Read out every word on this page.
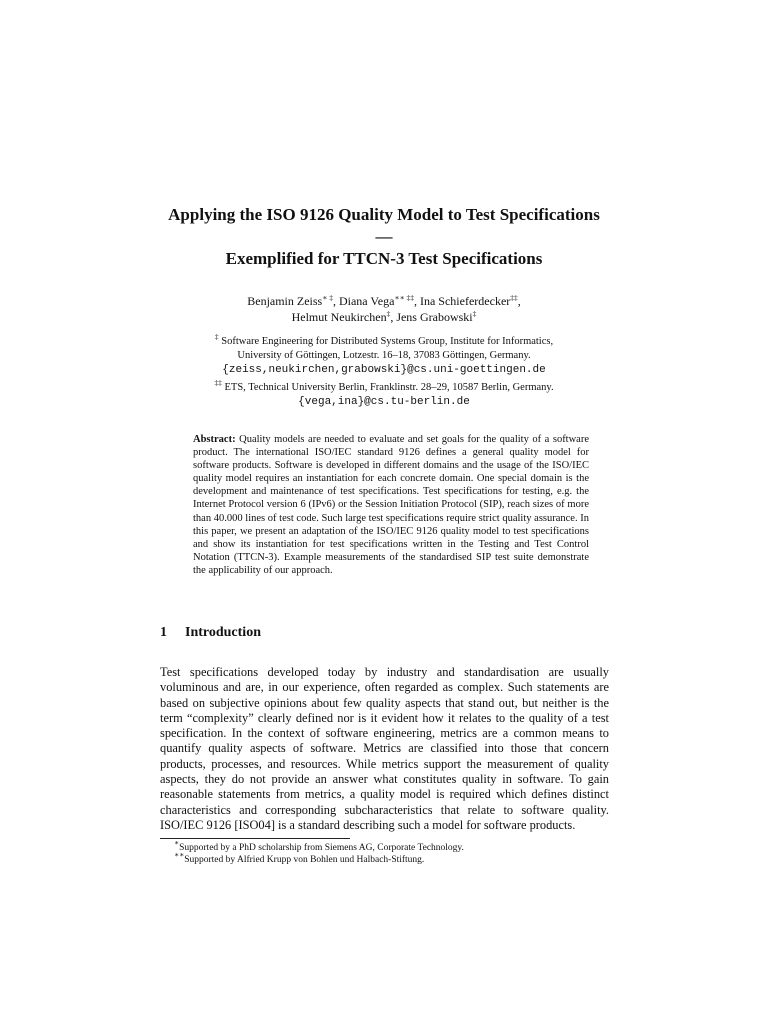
Applying the ISO 9126 Quality Model to Test Specifications
—
Exemplified for TTCN-3 Test Specifications
Benjamin Zeiss∗ ‡, Diana Vega∗∗ ‡‡, Ina Schieferdecker‡‡,
Helmut Neukirchen‡, Jens Grabowski‡
‡ Software Engineering for Distributed Systems Group, Institute for Informatics,
University of Göttingen, Lotzestr. 16–18, 37083 Göttingen, Germany.
{zeiss,neukirchen,grabowski}@cs.uni-goettingen.de
‡‡ ETS, Technical University Berlin, Franklinstr. 28–29, 10587 Berlin, Germany.
{vega,ina}@cs.tu-berlin.de
Abstract: Quality models are needed to evaluate and set goals for the quality of a software product. The international ISO/IEC standard 9126 defines a general quality model for software products. Software is developed in different domains and the usage of the ISO/IEC quality model requires an instantiation for each concrete domain. One special domain is the development and maintenance of test specifications. Test specifications for testing, e.g. the Internet Protocol version 6 (IPv6) or the Session Initiation Protocol (SIP), reach sizes of more than 40.000 lines of test code. Such large test specifications require strict quality assurance. In this paper, we present an adaptation of the ISO/IEC 9126 quality model to test specifications and show its instantiation for test specifications written in the Testing and Test Control Notation (TTCN-3). Example measurements of the standardised SIP test suite demonstrate the applicability of our approach.
1 Introduction
Test specifications developed today by industry and standardisation are usually voluminous and are, in our experience, often regarded as complex. Such statements are based on subjective opinions about few quality aspects that stand out, but neither is the term “complexity” clearly defined nor is it evident how it relates to the quality of a test specification. In the context of software engineering, metrics are a common means to quantify quality aspects of software. Metrics are classified into those that concern products, processes, and resources. While metrics support the measurement of quality aspects, they do not provide an answer what constitutes quality in software. To gain reasonable statements from metrics, a quality model is required which defines distinct characteristics and corresponding subcharacteristics that relate to software quality. ISO/IEC 9126 [ISO04] is a standard describing such a model for software products.
∗Supported by a PhD scholarship from Siemens AG, Corporate Technology.
∗∗Supported by Alfried Krupp von Bohlen und Halbach-Stiftung.
